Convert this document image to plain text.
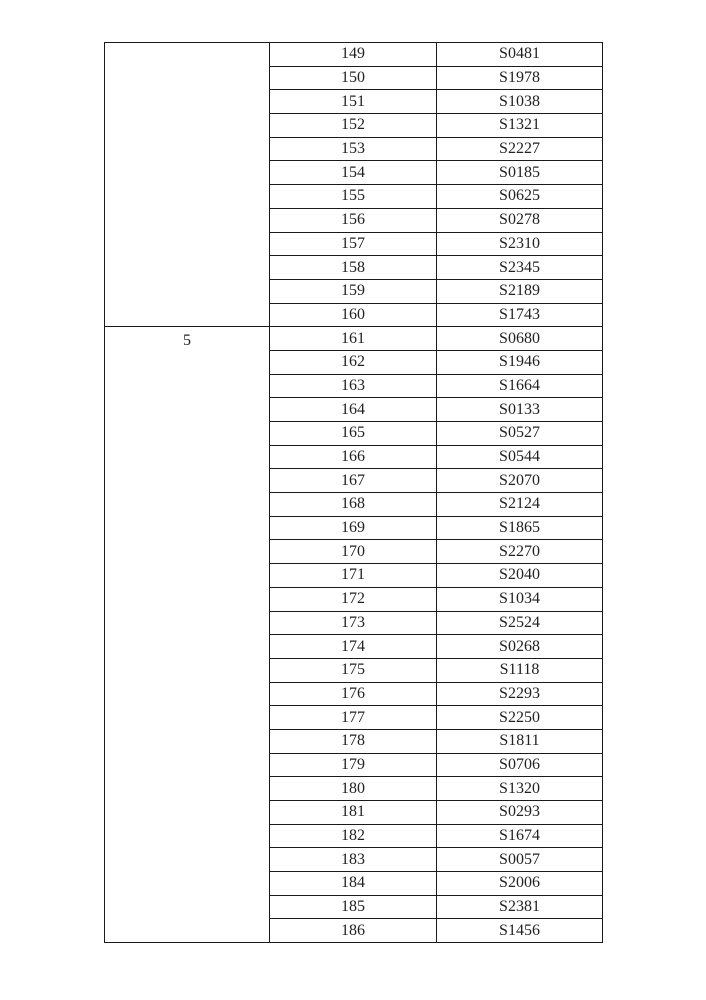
	149	S0481
	150	S1978
	151	S1038
	152	S1321
	153	S2227
	154	S0185
	155	S0625
	156	S0278
	157	S2310
	158	S2345
	159	S2189
	160	S1743
5	161	S0680
	162	S1946
	163	S1664
	164	S0133
	165	S0527
	166	S0544
	167	S2070
	168	S2124
	169	S1865
	170	S2270
	171	S2040
	172	S1034
	173	S2524
	174	S0268
	175	S1118
	176	S2293
	177	S2250
	178	S1811
	179	S0706
	180	S1320
	181	S0293
	182	S1674
	183	S0057
	184	S2006
	185	S2381
	186	S1456
